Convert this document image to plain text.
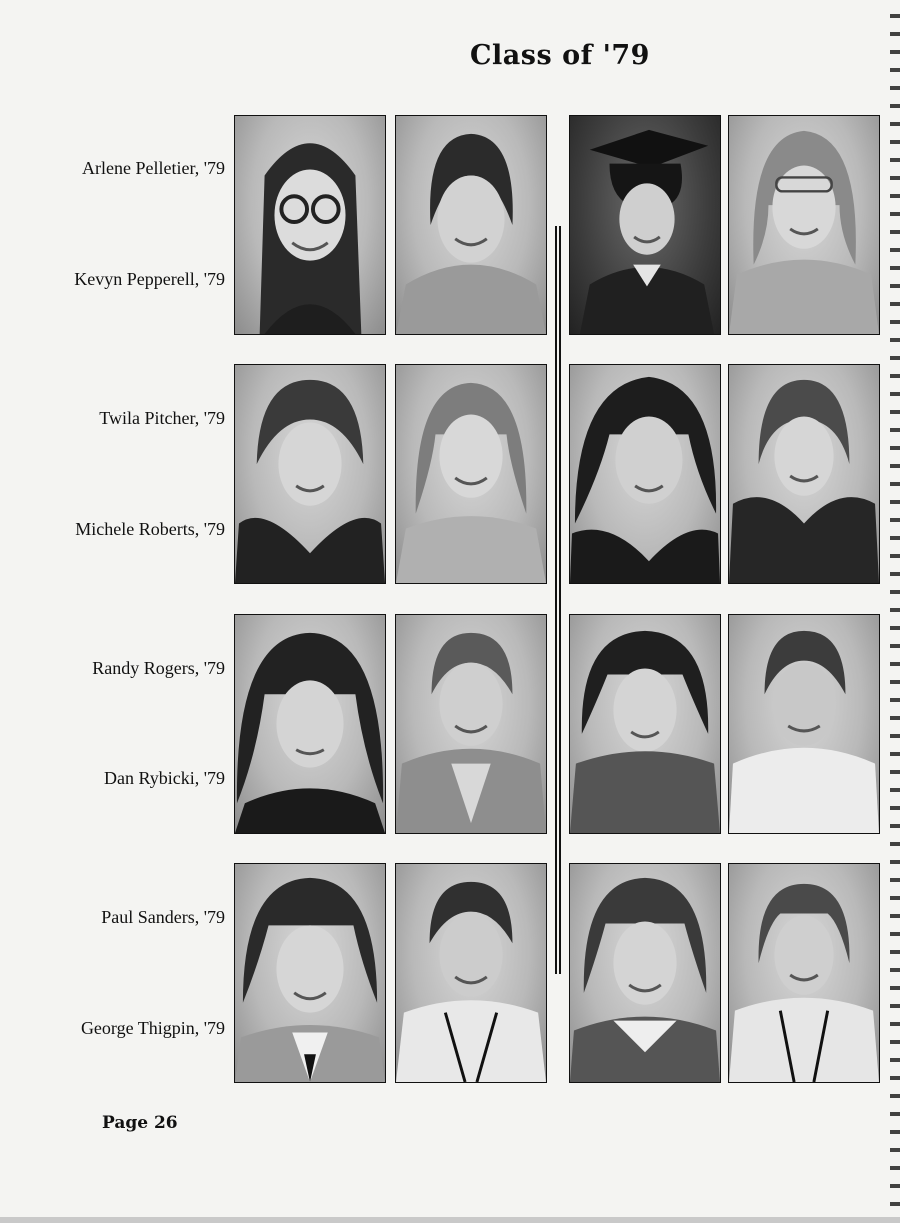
Class of '79
Arlene Pelletier, '79
Kevyn Pepperell, '79
Twila Pitcher, '79
Michele Roberts, '79
Randy Rogers, '79
Dan Rybicki, '79
Paul Sanders, '79
George Thigpin, '79
Page 26
